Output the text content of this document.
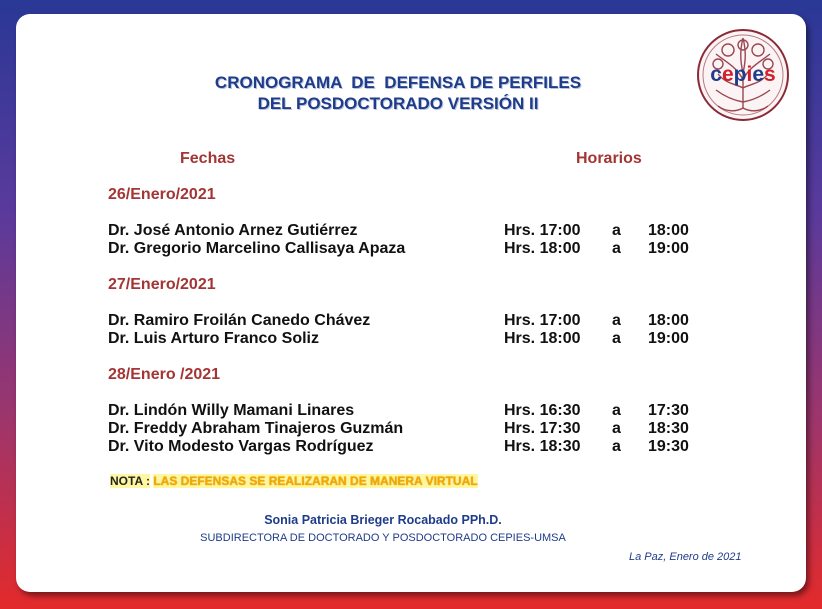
CRONOGRAMA  DE  DEFENSA DE PERFILES
DEL POSDOCTORADO VERSIÓN II
cepies
Fechas	Horarios
26/Enero/2021
Dr. José Antonio Arnez Gutiérrez	Hrs. 17:00 a 18:00
Dr. Gregorio Marcelino Callisaya Apaza	Hrs. 18:00 a 19:00
27/Enero/2021
Dr. Ramiro Froilán Canedo Chávez	Hrs. 17:00 a 18:00
Dr. Luis Arturo Franco Soliz	Hrs. 18:00 a 19:00
28/Enero /2021
Dr. Lindón Willy Mamani Linares	Hrs. 16:30 a 17:30
Dr. Freddy Abraham Tinajeros Guzmán	Hrs. 17:30 a 18:30
Dr. Vito Modesto Vargas Rodríguez	Hrs. 18:30 a 19:30
NOTA : LAS DEFENSAS SE REALIZARAN DE MANERA VIRTUAL
Sonia Patricia Brieger Rocabado PPh.D.
SUBDIRECTORA DE DOCTORADO Y POSDOCTORADO CEPIES-UMSA
La Paz, Enero de 2021
